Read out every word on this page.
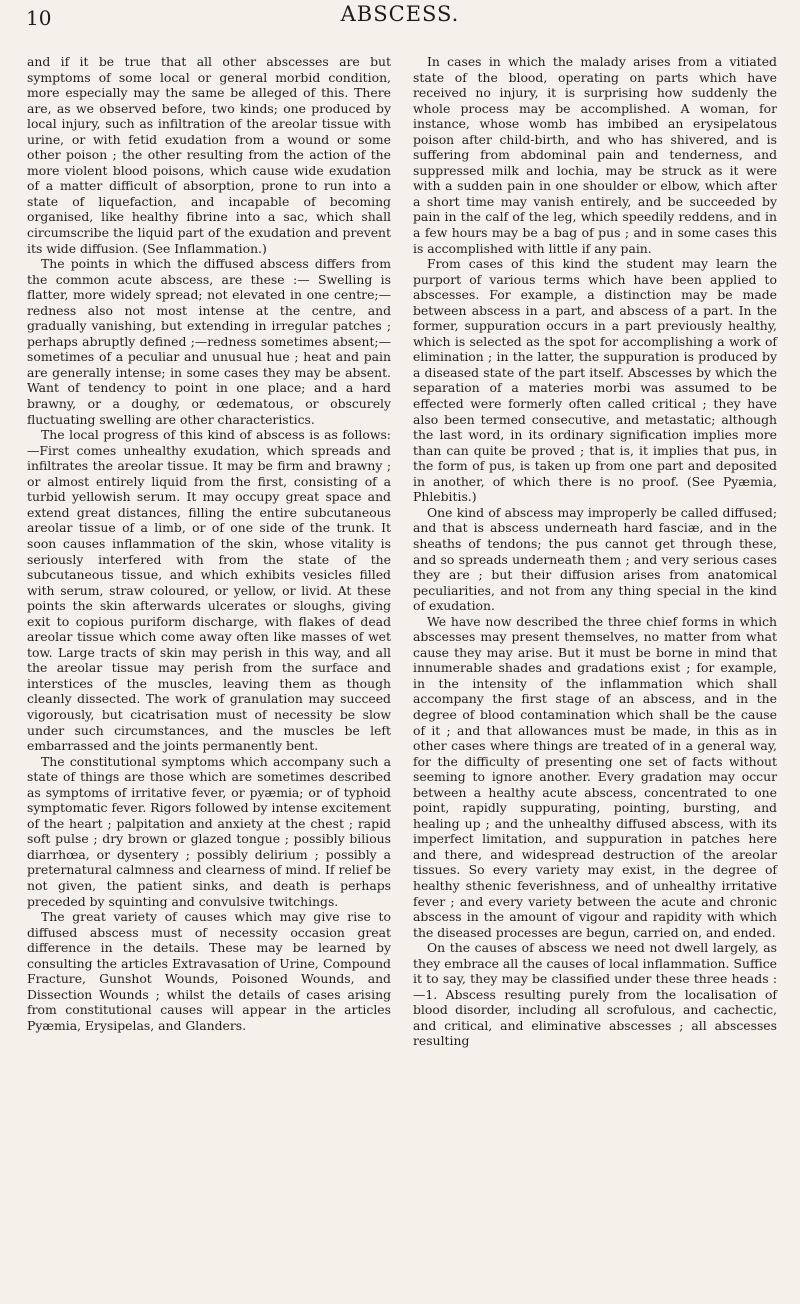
10	ABSCESS.

and if it be true that all other abscesses are but symptoms of some local or general morbid condition, more especially may the same be alleged of this. There are, as we observed before, two kinds; one produced by local injury, such as infiltration of the areolar tissue with urine, or with fetid exudation from a wound or some other poison ; the other resulting from the action of the more violent blood poisons, which cause wide exudation of a matter difficult of absorption, prone to run into a state of liquefaction, and incapable of becoming organised, like healthy fibrine into a sac, which shall circumscribe the liquid part of the exudation and prevent its wide diffusion. (See Inflammation.)

The points in which the diffused abscess differs from the common acute abscess, are these :— Swelling is flatter, more widely spread; not elevated in one centre;—redness also not most intense at the centre, and gradually vanishing, but extending in irregular patches ; perhaps abruptly defined ;—redness sometimes absent;—sometimes of a peculiar and unusual hue ; heat and pain are generally intense; in some cases they may be absent. Want of tendency to point in one place; and a hard brawny, or a doughy, or œdematous, or obscurely fluctuating swelling are other characteristics.

The local progress of this kind of abscess is as follows:—First comes unhealthy exudation, which spreads and infiltrates the areolar tissue. It may be firm and brawny ; or almost entirely liquid from the first, consisting of a turbid yellowish serum. It may occupy great space and extend great distances, filling the entire subcutaneous areolar tissue of a limb, or of one side of the trunk. It soon causes inflammation of the skin, whose vitality is seriously interfered with from the state of the subcutaneous tissue, and which exhibits vesicles filled with serum, straw coloured, or yellow, or livid. At these points the skin afterwards ulcerates or sloughs, giving exit to copious puriform discharge, with flakes of dead areolar tissue which come away often like masses of wet tow. Large tracts of skin may perish in this way, and all the areolar tissue may perish from the surface and interstices of the muscles, leaving them as though cleanly dissected. The work of granulation may succeed vigorously, but cicatrisation must of necessity be slow under such circumstances, and the muscles be left embarrassed and the joints permanently bent.

The constitutional symptoms which accompany such a state of things are those which are sometimes described as symptoms of irritative fever, or pyæmia; or of typhoid symptomatic fever. Rigors followed by intense excitement of the heart ; palpitation and anxiety at the chest ; rapid soft pulse ; dry brown or glazed tongue ; possibly bilious diarrhœa, or dysentery ; possibly delirium ; possibly a preternatural calmness and clearness of mind. If relief be not given, the patient sinks, and death is perhaps preceded by squinting and convulsive twitchings.

The great variety of causes which may give rise to diffused abscess must of necessity occasion great difference in the details. These may be learned by consulting the articles Extravasation of Urine, Compound Fracture, Gunshot Wounds, Poisoned Wounds, and Dissection Wounds ; whilst the details of cases arising from constitutional causes will appear in the articles Pyæmia, Erysipelas, and Glanders.

In cases in which the malady arises from a vitiated state of the blood, operating on parts which have received no injury, it is surprising how suddenly the whole process may be accomplished. A woman, for instance, whose womb has imbibed an erysipelatous poison after child-birth, and who has shivered, and is suffering from abdominal pain and tenderness, and suppressed milk and lochia, may be struck as it were with a sudden pain in one shoulder or elbow, which after a short time may vanish entirely, and be succeeded by pain in the calf of the leg, which speedily reddens, and in a few hours may be a bag of pus ; and in some cases this is accomplished with little if any pain.

From cases of this kind the student may learn the purport of various terms which have been applied to abscesses. For example, a distinction may be made between abscess in a part, and abscess of a part. In the former, suppuration occurs in a part previously healthy, which is selected as the spot for accomplishing a work of elimination ; in the latter, the suppuration is produced by a diseased state of the part itself. Abscesses by which the separation of a materies morbi was assumed to be effected were formerly often called critical ; they have also been termed consecutive, and metastatic; although the last word, in its ordinary signification implies more than can quite be proved ; that is, it implies that pus, in the form of pus, is taken up from one part and deposited in another, of which there is no proof. (See Pyæmia, Phlebitis.)

One kind of abscess may improperly be called diffused; and that is abscess underneath hard fasciæ, and in the sheaths of tendons; the pus cannot get through these, and so spreads underneath them ; and very serious cases they are ; but their diffusion arises from anatomical peculiarities, and not from any thing special in the kind of exudation.

We have now described the three chief forms in which abscesses may present themselves, no matter from what cause they may arise. But it must be borne in mind that innumerable shades and gradations exist ; for example, in the intensity of the inflammation which shall accompany the first stage of an abscess, and in the degree of blood contamination which shall be the cause of it ; and that allowances must be made, in this as in other cases where things are treated of in a general way, for the difficulty of presenting one set of facts without seeming to ignore another. Every gradation may occur between a healthy acute abscess, concentrated to one point, rapidly suppurating, pointing, bursting, and healing up ; and the unhealthy diffused abscess, with its imperfect limitation, and suppuration in patches here and there, and widespread destruction of the areolar tissues. So every variety may exist, in the degree of healthy sthenic feverishness, and of unhealthy irritative fever ; and every variety between the acute and chronic abscess in the amount of vigour and rapidity with which the diseased processes are begun, carried on, and ended.

On the causes of abscess we need not dwell largely, as they embrace all the causes of local inflammation. Suffice it to say, they may be classified under these three heads :—1. Abscess resulting purely from the localisation of blood disorder, including all scrofulous, and cachectic, and critical, and eliminative abscesses ; all abscesses resulting
